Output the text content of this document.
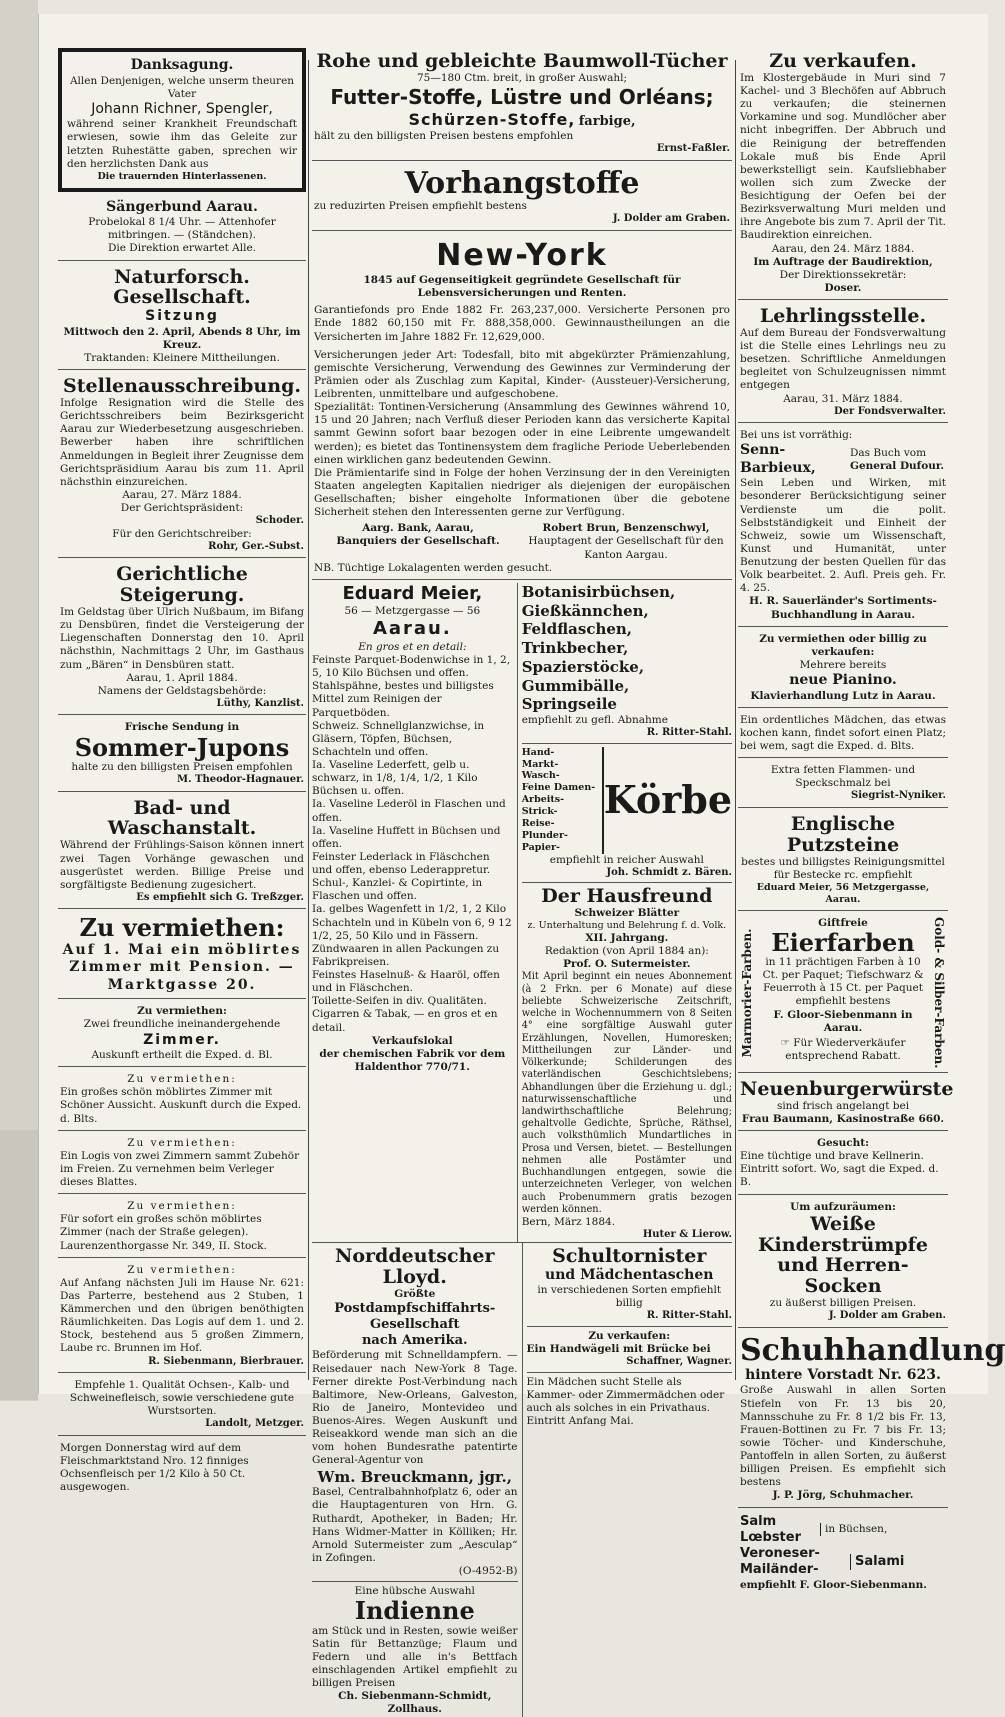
Danksagung.
Allen Denjenigen, welche unserm theuren Vater
Johann Richner, Spengler,
während seiner Krankheit Freundschaft erwiesen, sowie ihm das Geleite zur letzten Ruhestätte gaben, sprechen wir den herzlichsten Dank aus
Die trauernden Hinterlassenen.
Sängerbund Aarau.
Probelokal 8 1/4 Uhr. — Attenhofer mitbringen. — (Ständchen).
Die Direktion erwartet Alle.
Naturforsch. Gesellschaft.
Sitzung
Mittwoch den 2. April, Abends 8 Uhr, im Kreuz.
Traktanden: Kleinere Mittheilungen.
Stellenausschreibung.
Infolge Resignation wird die Stelle des Gerichtsschreibers beim Bezirksgericht Aarau zur Wiederbesetzung ausgeschrieben. Bewerber haben ihre schriftlichen Anmeldungen in Begleit ihrer Zeugnisse dem Gerichtspräsidium Aarau bis zum 11. April nächsthin einzureichen.
Aarau, 27. März 1884.
Der Gerichtspräsident:
Schoder.
Für den Gerichtschreiber:
Rohr, Ger.-Subst.
Gerichtliche Steigerung.
Im Geldstag über Ulrich Nußbaum, im Bifang zu Densbüren, findet die Versteigerung der Liegenschaften Donnerstag den 10. April nächsthin, Nachmittags 2 Uhr, im Gasthaus zum „Bären“ in Densbüren statt.
Aarau, 1. April 1884.
Namens der Geldstagsbehörde:
Lüthy, Kanzlist.
Frische Sendung in
Sommer-Jupons
halte zu den billigsten Preisen empfohlen
M. Theodor-Hagnauer.
Bad- und Waschanstalt.
Während der Frühlings-Saison können innert zwei Tagen Vorhänge gewaschen und ausgerüstet werden. Billige Preise und sorgfältigste Bedienung zugesichert.
Es empfiehlt sich G. Treßzger.
Zu vermiethen:
Auf 1. Mai ein möblirtes
Zimmer mit Pension. —
Marktgasse 20.
Zu vermiethen:
Zwei freundliche ineinandergehende
Zimmer.
Auskunft ertheilt die Exped. d. Bl.
Zu vermiethen:
Ein großes schön möblirtes Zimmer mit Schöner Aussicht. Auskunft durch die Exped. d. Blts.
Zu vermiethen:
Ein Logis von zwei Zimmern sammt Zubehör im Freien. Zu vernehmen beim Verleger dieses Blattes.
Zu vermiethen:
Für sofort ein großes schön möblirtes Zimmer (nach der Straße gelegen). Laurenzenthorgasse Nr. 349, II. Stock.
Zu vermiethen:
Auf Anfang nächsten Juli im Hause Nr. 621: Das Parterre, bestehend aus 2 Stuben, 1 Kämmerchen und den übrigen benöthigten Räumlichkeiten. Das Logis auf dem 1. und 2. Stock, bestehend aus 5 großen Zimmern, Laube rc. Brunnen im Hof.
R. Siebenmann, Bierbrauer.
Empfehle 1. Qualität Ochsen-, Kalb- und Schweinefleisch, sowie verschiedene gute Wurstsorten.
Landolt, Metzger.
Morgen Donnerstag wird auf dem Fleischmarktstand Nro. 12 finniges Ochsenfleisch per 1/2 Kilo à 50 Ct. ausgewogen.
Rohe und gebleichte Baumwoll-Tücher
75—180 Ctm. breit, in großer Auswahl;
Futter-Stoffe, Lüstre und Orléans;
Schürzen-Stoffe, farbige,
hält zu den billigsten Preisen bestens empfohlen
Ernst-Faßler.
Vorhangstoffe
zu reduzirten Preisen empfiehlt bestens
J. Dolder am Graben.
New-York
1845 auf Gegenseitigkeit gegründete Gesellschaft für Lebensversicherungen und Renten.
Garantiefonds pro Ende 1882 Fr. 263,237,000. Versicherte Personen pro Ende 1882 60,150 mit Fr. 888,358,000. Gewinnaustheilungen an die Versicherten im Jahre 1882 Fr. 12,629,000.
Versicherungen jeder Art: Todesfall, bito mit abgekürzter Prämienzahlung, gemischte Versicherung, Verwendung des Gewinnes zur Verminderung der Prämien oder als Zuschlag zum Kapital, Kinder- (Aussteuer)-Versicherung, Leibrenten, unmittelbare und aufgeschobene.
Spezialität: Tontinen-Versicherung (Ansammlung des Gewinnes während 10, 15 und 20 Jahren; nach Verfluß dieser Perioden kann das versicherte Kapital sammt Gewinn sofort baar bezogen oder in eine Leibrente umgewandelt werden); es bietet das Tontinensystem dem fragliche Periode Ueberlebenden einen wirklichen ganz bedeutenden Gewinn.
Die Prämientarife sind in Folge der hohen Verzinsung der in den Vereinigten Staaten angelegten Kapitalien niedriger als diejenigen der europäischen Gesellschaften; bisher eingeholte Informationen über die gebotene Sicherheit stehen den Interessenten gerne zur Verfügung.
Aarg. Bank, Aarau,
Banquiers der Gesellschaft.
Robert Brun, Benzenschwyl,
Hauptagent der Gesellschaft für den Kanton Aargau.
NB. Tüchtige Lokalagenten werden gesucht.
Eduard Meier,
56 — Metzgergasse — 56
Aarau.
En gros et en detail:
Feinste Parquet-Bodenwichse in 1, 2, 5, 10 Kilo Büchsen und offen.
Stahlspähne, bestes und billigstes Mittel zum Reinigen der Parquetböden.
Schweiz. Schnellglanzwichse, in Gläsern, Töpfen, Büchsen, Schachteln und offen.
Ia. Vaseline Lederfett, gelb u. schwarz, in 1/8, 1/4, 1/2, 1 Kilo Büchsen u. offen.
Ia. Vaseline Lederöl in Flaschen und offen.
Ia. Vaseline Huffett in Büchsen und offen.
Feinster Lederlack in Fläschchen und offen, ebenso Lederappretur.
Schul-, Kanzlei- & Copirtinte, in Flaschen und offen.
Ia. gelbes Wagenfett in 1/2, 1, 2 Kilo Schachteln und in Kübeln von 6, 9 12 1/2, 25, 50 Kilo und in Fässern.
Zündwaaren in allen Packungen zu Fabrikpreisen.
Feinstes Haselnuß- & Haaröl, offen und in Fläschchen.
Toilette-Seifen in div. Qualitäten.
Cigarren & Tabak, — en gros et en detail.
Verkaufslokal
der chemischen Fabrik vor dem Haldenthor 770/71.
Botanisirbüchsen,
Gießkännchen,
Feldflaschen,
Trinkbecher,
Spazierstöcke,
Gummibälle,
Springseile
empfiehlt zu gefl. Abnahme
R. Ritter-Stahl.
Hand-
Markt-
Wasch-
Feine Damen-
Arbeits-
Strick-
Reise-
Plunder-
Papier-
Körbe
empfiehlt in reicher Auswahl
Joh. Schmidt z. Bären.
Der Hausfreund
Schweizer Blätter
z. Unterhaltung und Belehrung f. d. Volk.
XII. Jahrgang.
Redaktion (von April 1884 an):
Prof. O. Sutermeister.
Mit April beginnt ein neues Abonnement (à 2 Frkn. per 6 Monate) auf diese beliebte Schweizerische Zeitschrift, welche in Wochennummern von 8 Seiten 4° eine sorgfältige Auswahl guter Erzählungen, Novellen, Humoresken; Mittheilungen zur Länder- und Völkerkunde; Schilderungen des vaterländischen Geschichtslebens; Abhandlungen über die Erziehung u. dgl.; naturwissenschaftliche und landwirthschaftliche Belehrung; gehaltvolle Gedichte, Sprüche, Räthsel, auch volksthümlich Mundartliches in Prosa und Versen, bietet. — Bestellungen nehmen alle Postämter und Buchhandlungen entgegen, sowie die unterzeichneten Verleger, von welchen auch Probenummern gratis bezogen werden können.
Bern, März 1884.
Huter & Lierow.
Norddeutscher Lloyd.
Größte
Postdampfschiffahrts-Gesellschaft
nach Amerika.
Beförderung mit Schnelldampfern. — Reisedauer nach New-York 8 Tage. Ferner direkte Post-Verbindung nach Baltimore, New-Orleans, Galveston, Rio de Janeiro, Montevideo und Buenos-Aires. Wegen Auskunft und Reiseakkord wende man sich an die vom hohen Bundesrathe patentirte General-Agentur von
Wm. Breuckmann, jgr.,
Basel, Centralbahnhofplatz 6, oder an die Hauptagenturen von Hrn. G. Ruthardt, Apotheker, in Baden; Hr. Hans Widmer-Matter in Kölliken; Hr. Arnold Sutermeister zum „Aesculap“ in Zofingen.
(O-4952-B)
Eine hübsche Auswahl
Indienne
am Stück und in Resten, sowie weißer Satin für Bettanzüge; Flaum und Federn und alle in's Bettfach einschlagenden Artikel empfiehlt zu billigen Preisen
Ch. Siebenmann-Schmidt, Zollhaus.
Schultornister
und Mädchentaschen
in verschiedenen Sorten empfiehlt billig
R. Ritter-Stahl.
Zu verkaufen:
Ein Handwägeli mit Brücke bei
Schaffner, Wagner.
Ein Mädchen sucht Stelle als Kammer- oder Zimmermädchen oder auch als solches in ein Privathaus. Eintritt Anfang Mai.
Zu verkaufen.
Im Klostergebäude in Muri sind 7 Kachel- und 3 Blechöfen auf Abbruch zu verkaufen; die steinernen Vorkamine und sog. Mundlöcher aber nicht inbegriffen. Der Abbruch und die Reinigung der betreffenden Lokale muß bis Ende April bewerkstelligt sein. Kaufsliebhaber wollen sich zum Zwecke der Besichtigung der Oefen bei der Bezirksverwaltung Muri melden und ihre Angebote bis zum 7. April der Tit. Baudirektion einreichen.
Aarau, den 24. März 1884.
Im Auftrage der Baudirektion,
Der Direktionssekretär:
Doser.
Lehrlingsstelle.
Auf dem Bureau der Fondsverwaltung ist die Stelle eines Lehrlings neu zu besetzen. Schriftliche Anmeldungen begleitet von Schulzeugnissen nimmt entgegen
Aarau, 31. März 1884.
Der Fondsverwalter.
Bei uns ist vorräthig:
Senn-Barbieux,
Das Buch vom
General Dufour.
Sein Leben und Wirken, mit besonderer Berücksichtigung seiner Verdienste um die polit. Selbstständigkeit und Einheit der Schweiz, sowie um Wissenschaft, Kunst und Humanität, unter Benutzung der besten Quellen für das Volk bearbeitet. 2. Aufl. Preis geh. Fr. 4. 25.
H. R. Sauerländer's Sortiments-Buchhandlung in Aarau.
Zu vermiethen oder billig zu verkaufen:
Mehrere bereits
neue Pianino.
Klavierhandlung Lutz in Aarau.
Ein ordentliches Mädchen, das etwas kochen kann, findet sofort einen Platz; bei wem, sagt die Exped. d. Blts.
Extra fetten Flammen- und Speckschmalz bei
Siegrist-Nyniker.
Englische Putzsteine
bestes und billigstes Reinigungsmittel für Bestecke rc. empfiehlt
Eduard Meier, 56 Metzgergasse, Aarau.
Marmorier-Farben.
Giftfreie
Eierfarben
in 11 prächtigen Farben à 10 Ct. per Paquet; Tiefschwarz & Feuerroth à 15 Ct. per Paquet empfiehlt bestens
F. Gloor-Siebenmann in Aarau.
☞ Für Wiederverkäufer entsprechend Rabatt.	Gold- & Silber-Farben.
Neuenburgerwürste
sind frisch angelangt bei
Frau Baumann, Kasinostraße 660.
Gesucht:
Eine tüchtige und brave Kellnerin. Eintritt sofort. Wo, sagt die Exped. d. B.
Um aufzuräumen:
Weiße Kinderstrümpfe und Herren-Socken
zu äußerst billigen Preisen.
J. Dolder am Graben.
Schuhhandlung
hintere Vorstadt Nr. 623.
Große Auswahl in allen Sorten Stiefeln von Fr. 13 bis 20, Mannsschuhe zu Fr. 8 1/2 bis Fr. 13, Frauen-Bottinen zu Fr. 7 bis Fr. 13; sowie Töcher- und Kinderschuhe, Pantoffeln in allen Sorten, zu äußerst billigen Preisen. Es empfiehlt sich bestens
J. P. Jörg, Schuhmacher.
Salm
Lœbster
in Büchsen,
Veroneser-
Mailänder-
Salami
empfiehlt F. Gloor-Siebenmann.
